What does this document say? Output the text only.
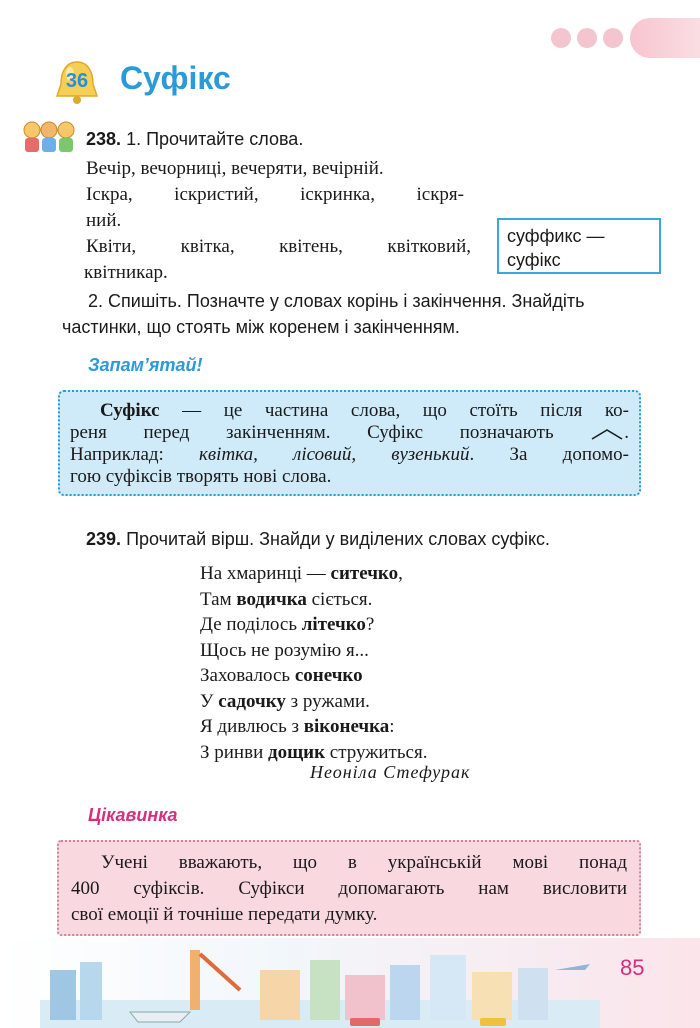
36 Суфікс
238. 1. Прочитайте слова.
Вечір, вечорниці, вечеряти, вечірній.
Іскра, іскристий, іскринка, іскря-
ний.
Квіти, квітка, квітень, квітковий,
квітникар.
суффикс —
суфікс
2. Спишіть. Позначте у словах корінь і закінчення. Знайдіть частинки, що стоять між коренем і закінченням.
Запам’ятай!
Суфікс — це частина слова, що стоїть після ко-
реня перед закінченням. Суфікс позначають	.
Наприклад: квітка, лісовий, вузенький. За допомо-
гою суфіксів творять нові слова.
239. Прочитай вірш. Знайди у виділених словах суфікс.
На хмаринці — ситечко,
Там водичка сіється.
Де поділось літечко?
Щось не розумію я...
Заховалось сонечко
У садочку з ружами.
Я дивлюсь з віконечка:
З ринви дощик стружиться.
Неоніла Стефурак
Цікавинка
Учені вважають, що в українській мові понад
400 суфіксів. Суфікси допомагають нам висловити
свої емоції й точніше передати думку.
85
